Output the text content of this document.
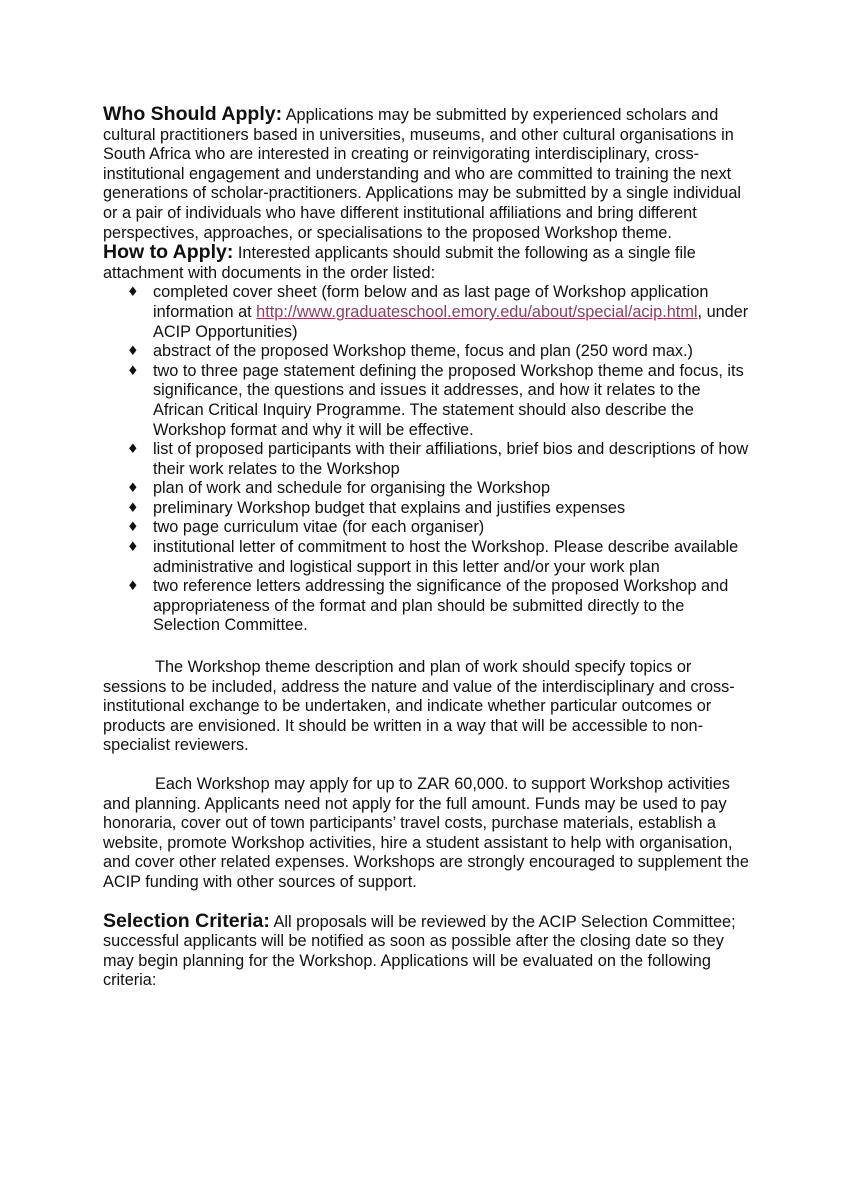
Who Should Apply: Applications may be submitted by experienced scholars and cultural practitioners based in universities, museums, and other cultural organisations in South Africa who are interested in creating or reinvigorating interdisciplinary, cross-institutional engagement and understanding and who are committed to training the next generations of scholar-practitioners. Applications may be submitted by a single individual or a pair of individuals who have different institutional affiliations and bring different perspectives, approaches, or specialisations to the proposed Workshop theme.

How to Apply: Interested applicants should submit the following as a single file attachment with documents in the order listed:

♦ completed cover sheet (form below and as last page of Workshop application information at http://www.graduateschool.emory.edu/about/special/acip.html, under ACIP Opportunities)
♦ abstract of the proposed Workshop theme, focus and plan (250 word max.)
♦ two to three page statement defining the proposed Workshop theme and focus, its significance, the questions and issues it addresses, and how it relates to the African Critical Inquiry Programme. The statement should also describe the Workshop format and why it will be effective.
♦ list of proposed participants with their affiliations, brief bios and descriptions of how their work relates to the Workshop
♦ plan of work and schedule for organising the Workshop
♦ preliminary Workshop budget that explains and justifies expenses
♦ two page curriculum vitae (for each organiser)
♦ institutional letter of commitment to host the Workshop. Please describe available administrative and logistical support in this letter and/or your work plan
♦ two reference letters addressing the significance of the proposed Workshop and appropriateness of the format and plan should be submitted directly to the Selection Committee.

The Workshop theme description and plan of work should specify topics or sessions to be included, address the nature and value of the interdisciplinary and cross-institutional exchange to be undertaken, and indicate whether particular outcomes or products are envisioned. It should be written in a way that will be accessible to non-specialist reviewers.

Each Workshop may apply for up to ZAR 60,000. to support Workshop activities and planning. Applicants need not apply for the full amount. Funds may be used to pay honoraria, cover out of town participants’ travel costs, purchase materials, establish a website, promote Workshop activities, hire a student assistant to help with organisation, and cover other related expenses. Workshops are strongly encouraged to supplement the ACIP funding with other sources of support.

Selection Criteria: All proposals will be reviewed by the ACIP Selection Committee; successful applicants will be notified as soon as possible after the closing date so they may begin planning for the Workshop. Applications will be evaluated on the following criteria:
